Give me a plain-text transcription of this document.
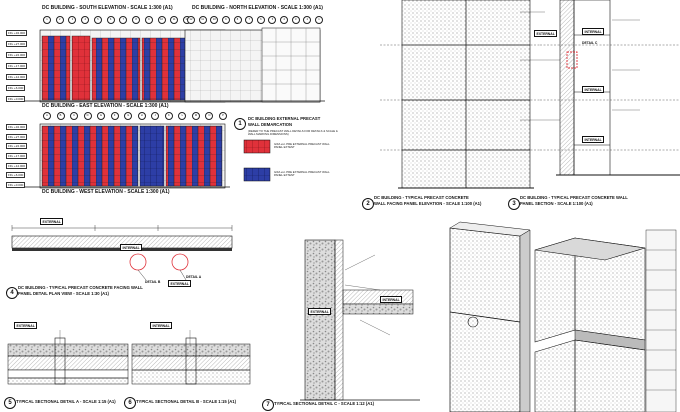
DC BUILDING - SOUTH ELEVATION - SCALE 1:300 (A1)	DC BUILDING - NORTH ELEVATION - SCALE 1:300 (A1)
DC BUILDING - EAST ELEVATION - SCALE 1:300 (A1)
DC BUILDING - WEST ELEVATION - SCALE 1:300 (A1)
1	2	3	4	5	6	7	8	9	10	11	12	11	10	9	8	7	6	5	4	3	2	1
A	B	C	D	E	F	G	H	J	K	L	M	N	P
FFL +32.000
FFL +27.000
FFL +22.000
FFL +17.000
FFL +12.000
FFL +6.000
FFL +0.000
FFL +32.000
FFL +27.000
FFL +22.000
FFL +17.000
FFL +12.000
FFL +6.000
FFL +0.000
1
DC BUILDING EXTERNAL PRECAST
WALL DEMARCATION
(REFER TO THE PRECAST WALL DETAILS FOR DETAILS & SCALE & WALL MARKING DIMENSIONS)
GIFA ext. PRE EXTERNAL PRECAST WALL PANEL EXTENT
GIFA ext. PRE EXTERNAL PRECAST WALL PANEL EXTENT
2
DC BUILDING - TYPICAL PRECAST CONCRETE
WALL FACING PANEL ELEVATION - SCALE 1:100 (A1)	3
DC BUILDING - TYPICAL PRECAST CONCRETE WALL
PANEL SECTION - SCALE 1:100 (A1)
EXTERNAL	INTERNAL
INTERNAL
INTERNAL
DETAIL C
EXTERNAL
INTERNAL
EXTERNAL
DETAIL B
DETAIL A
4
DC BUILDING - TYPICAL PRECAST CONCRETE FACING WALL
PANEL DETAIL PLAN VIEW - SCALE 1:30 (A1)
EXTERNAL	INTERNAL
EXTERNAL
INTERNAL
5	TYPICAL SECTIONAL DETAIL A - SCALE 1:15 (A1)	6	TYPICAL SECTIONAL DETAIL B - SCALE 1:15 (A1)
7	TYPICAL SECTIONAL DETAIL C - SCALE 1:12 (A1)
